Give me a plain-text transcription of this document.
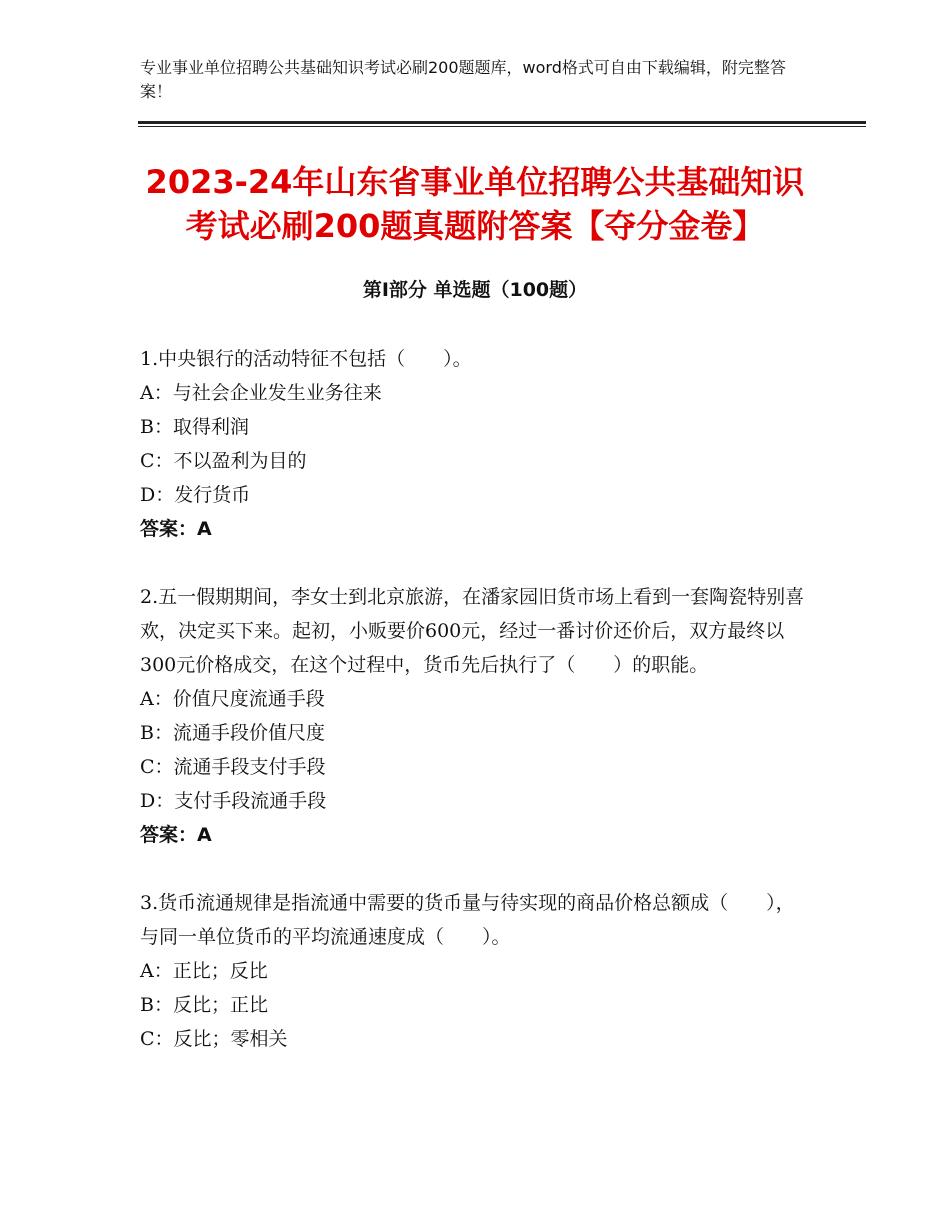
专业事业单位招聘公共基础知识考试必刷200题题库，word格式可自由下载编辑，附完整答案！
2023-24年山东省事业单位招聘公共基础知识考试必刷200题真题附答案【夺分金卷】
第Ⅰ部分 单选题（100题）

1.中央银行的活动特征不包括（　　）。

A：与社会企业发生业务往来

B：取得利润

C：不以盈利为目的

D：发行货币

答案：A

2.五一假期期间，李女士到北京旅游，在潘家园旧货市场上看到一套陶瓷特别喜欢，决定买下来。起初，小贩要价600元，经过一番讨价还价后，双方最终以300元价格成交，在这个过程中，货币先后执行了（　　）的职能。

A：价值尺度流通手段

B：流通手段价值尺度

C：流通手段支付手段

D：支付手段流通手段

答案：A

3.货币流通规律是指流通中需要的货币量与待实现的商品价格总额成（　　），与同一单位货币的平均流通速度成（　　）。

A：正比；反比

B：反比；正比

C：反比；零相关
